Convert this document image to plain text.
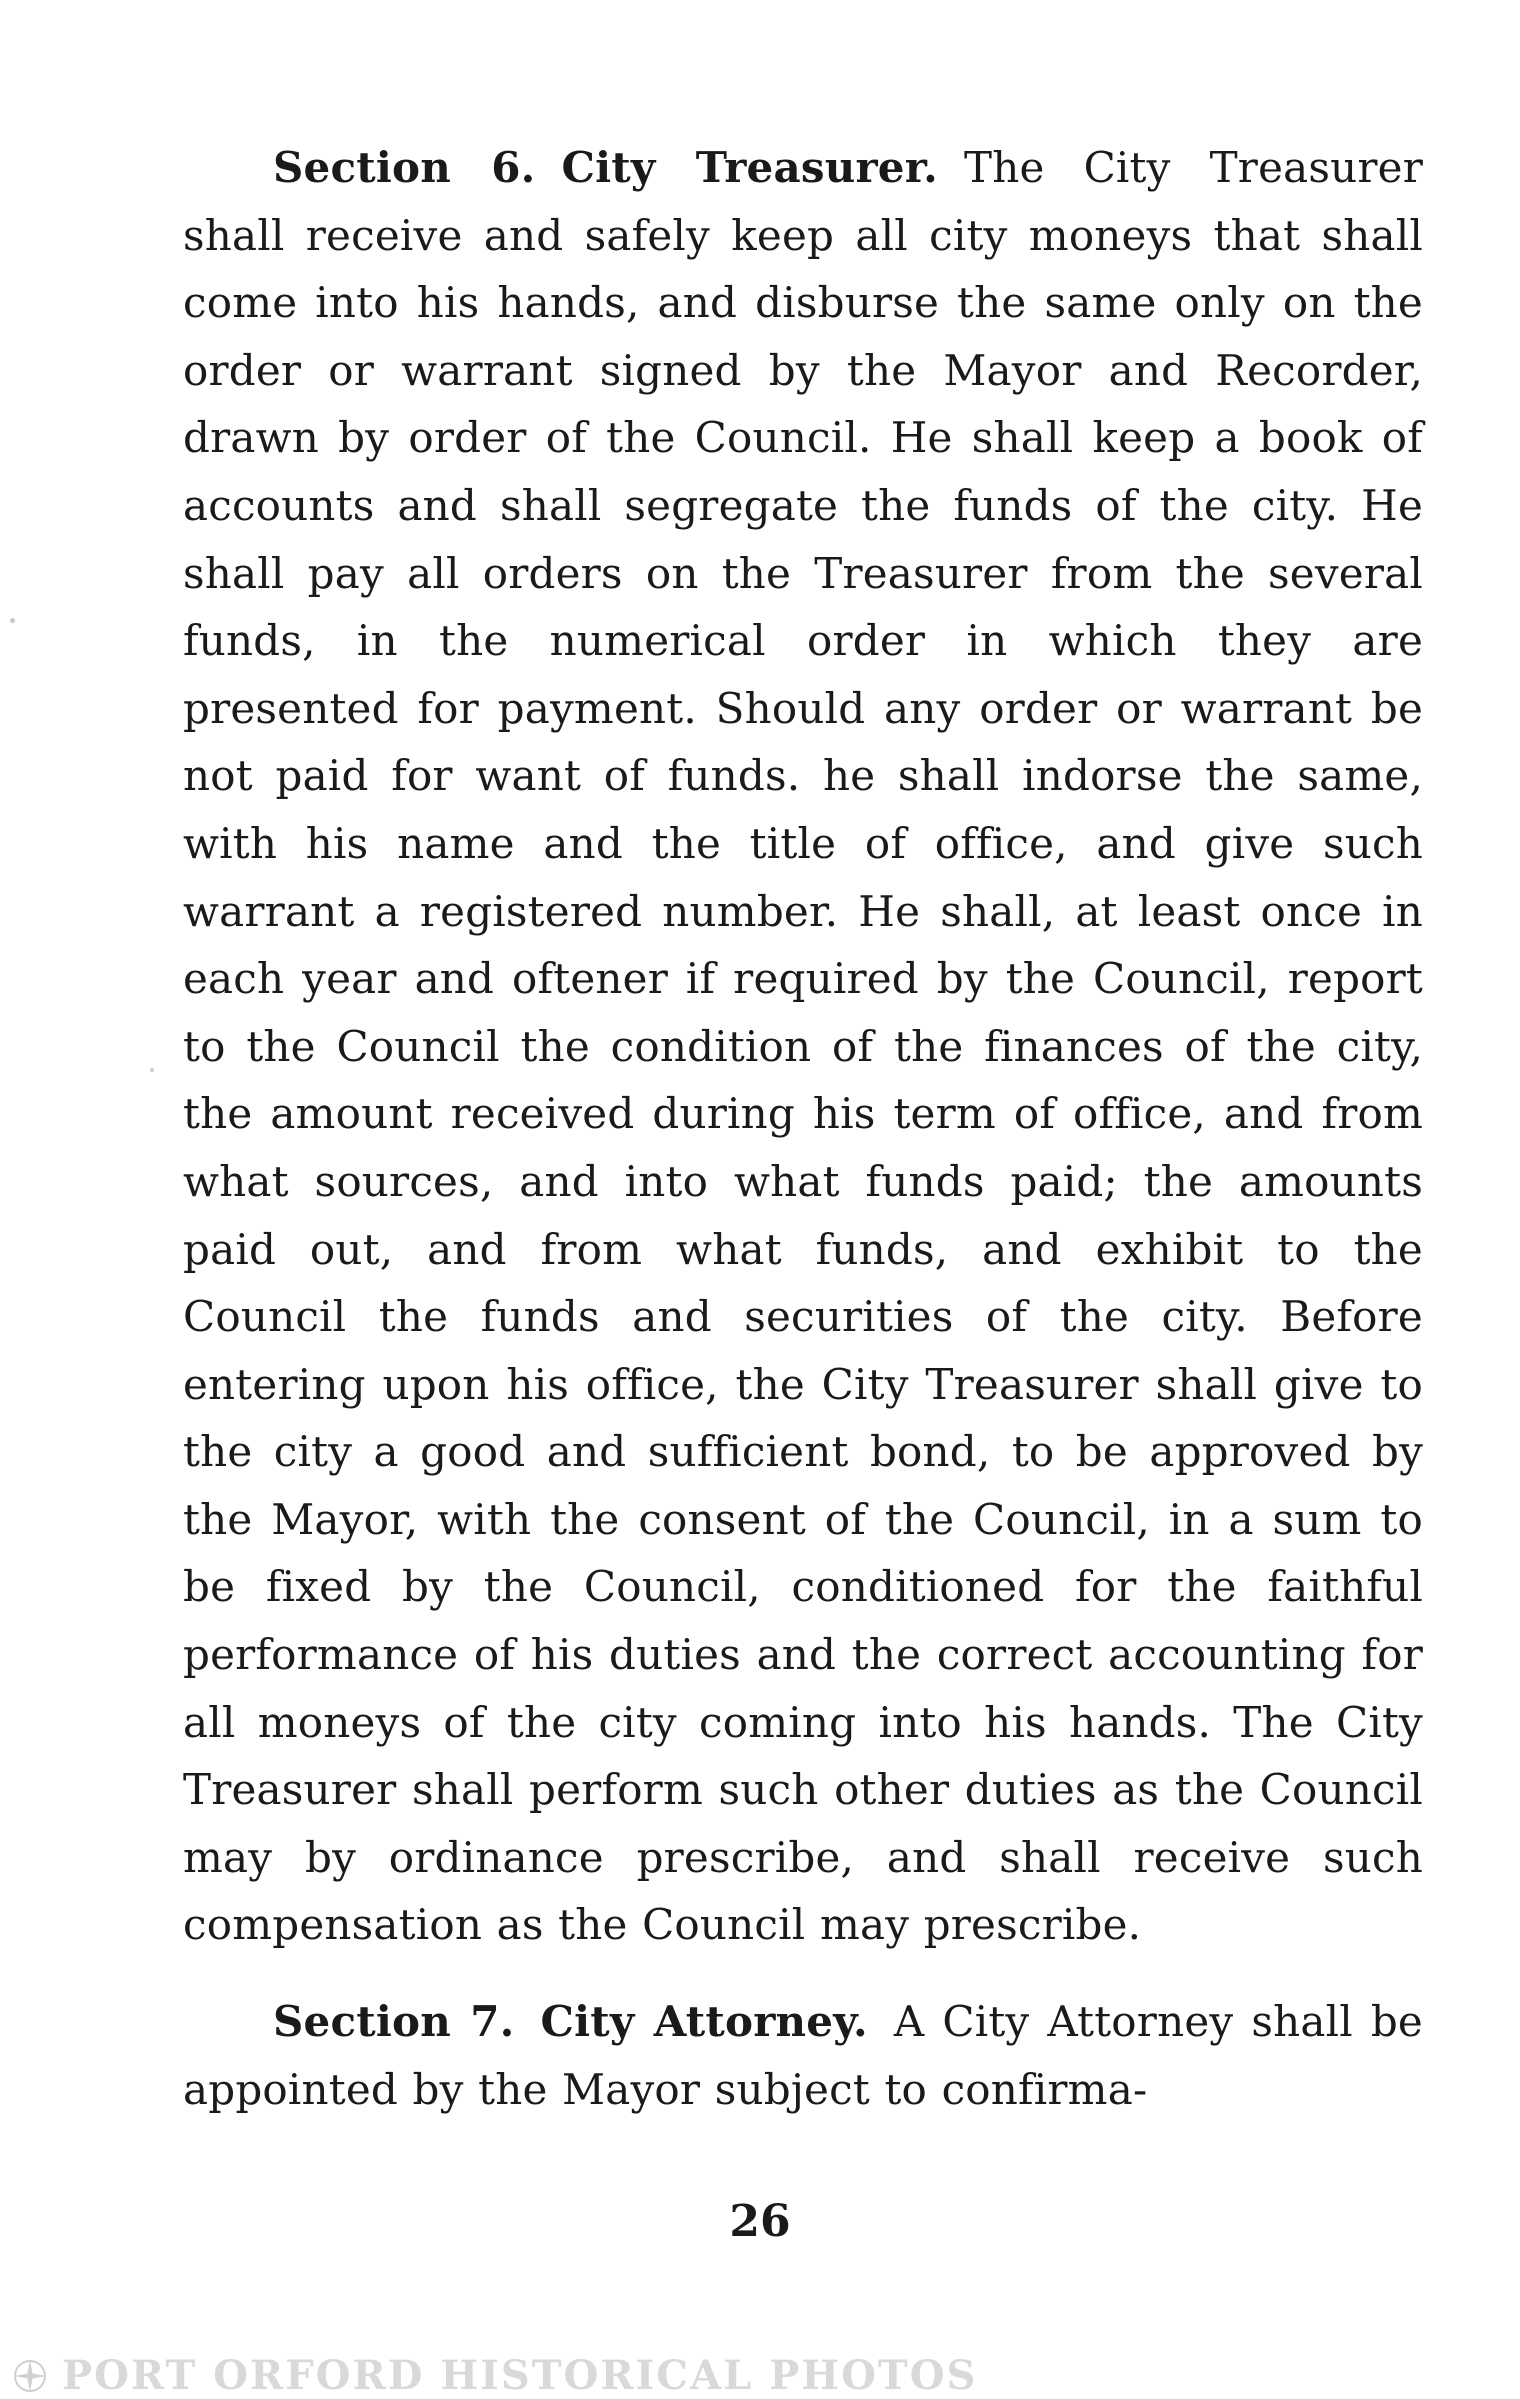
Section 6. City Treasurer. The City Treasurer shall receive and safely keep all city moneys that shall come into his hands, and disburse the same only on the order or warrant signed by the Mayor and Recorder, drawn by order of the Council. He shall keep a book of accounts and shall segregate the funds of the city. He shall pay all orders on the Treasurer from the several funds, in the numerical order in which they are presented for payment. Should any order or warrant be not paid for want of funds. he shall indorse the same, with his name and the title of office, and give such warrant a registered number. He shall, at least once in each year and oftener if required by the Council, report to the Council the condition of the finances of the city, the amount received during his term of office, and from what sources, and into what funds paid; the amounts paid out, and from what funds, and exhibit to the Council the funds and securities of the city. Before entering upon his office, the City Treasurer shall give to the city a good and sufficient bond, to be approved by the Mayor, with the consent of the Council, in a sum to be fixed by the Council, conditioned for the faithful performance of his duties and the correct accounting for all moneys of the city coming into his hands. The City Treasurer shall perform such other duties as the Council may by ordinance prescribe, and shall receive such compensation as the Council may prescribe.
Section 7. City Attorney. A City Attorney shall be appointed by the Mayor subject to confirma-
26
PORT ORFORD HISTORICAL PHOTOS
